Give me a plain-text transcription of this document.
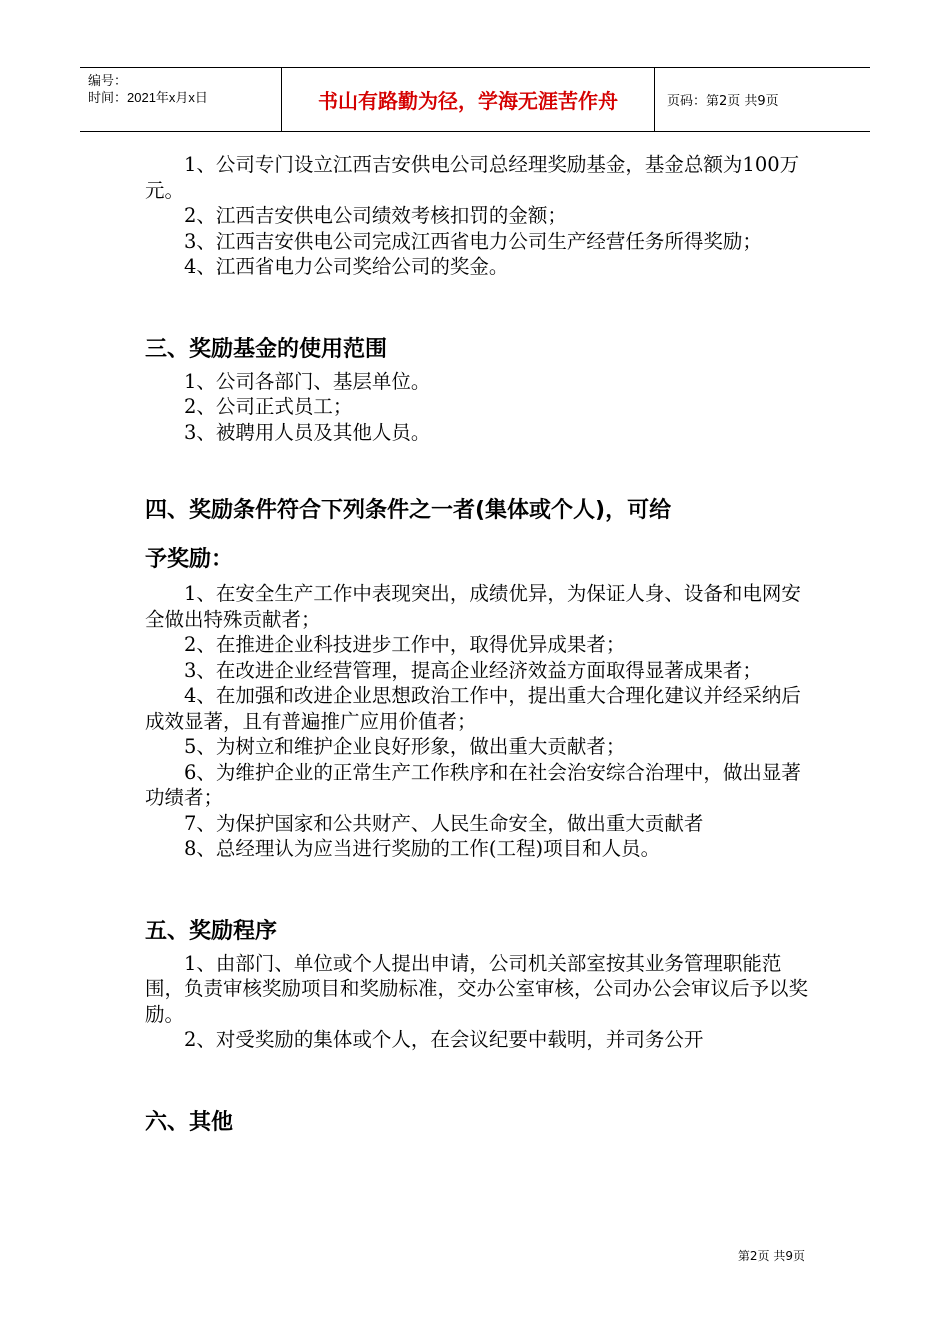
编号：
时间：2021年x月x日	书山有路勤为径，学海无涯苦作舟	页码：第2页 共9页

1、公司专门设立江西吉安供电公司总经理奖励基金，基金总额为100万元。

2、江西吉安供电公司绩效考核扣罚的金额；

3、江西吉安供电公司完成江西省电力公司生产经营任务所得奖励；

4、江西省电力公司奖给公司的奖金。

三、奖励基金的使用范围

1、公司各部门、基层单位。

2、公司正式员工；

3、被聘用人员及其他人员。

四、奖励条件符合下列条件之一者(集体或个人)，可给
予奖励：

1、在安全生产工作中表现突出，成绩优异，为保证人身、设备和电网安全做出特殊贡献者；

2、在推进企业科技进步工作中，取得优异成果者；

3、在改进企业经营管理，提高企业经济效益方面取得显著成果者；

4、在加强和改进企业思想政治工作中，提出重大合理化建议并经采纳后成效显著，且有普遍推广应用价值者；

5、为树立和维护企业良好形象，做出重大贡献者；

6、为维护企业的正常生产工作秩序和在社会治安综合治理中，做出显著功绩者；

7、为保护国家和公共财产、人民生命安全，做出重大贡献者

8、总经理认为应当进行奖励的工作(工程)项目和人员。

五、奖励程序

1、由部门、单位或个人提出申请，公司机关部室按其业务管理职能范围，负责审核奖励项目和奖励标准，交办公室审核，公司办公会审议后予以奖励。

2、对受奖励的集体或个人，在会议纪要中载明，并司务公开

六、其他
第2页 共9页
